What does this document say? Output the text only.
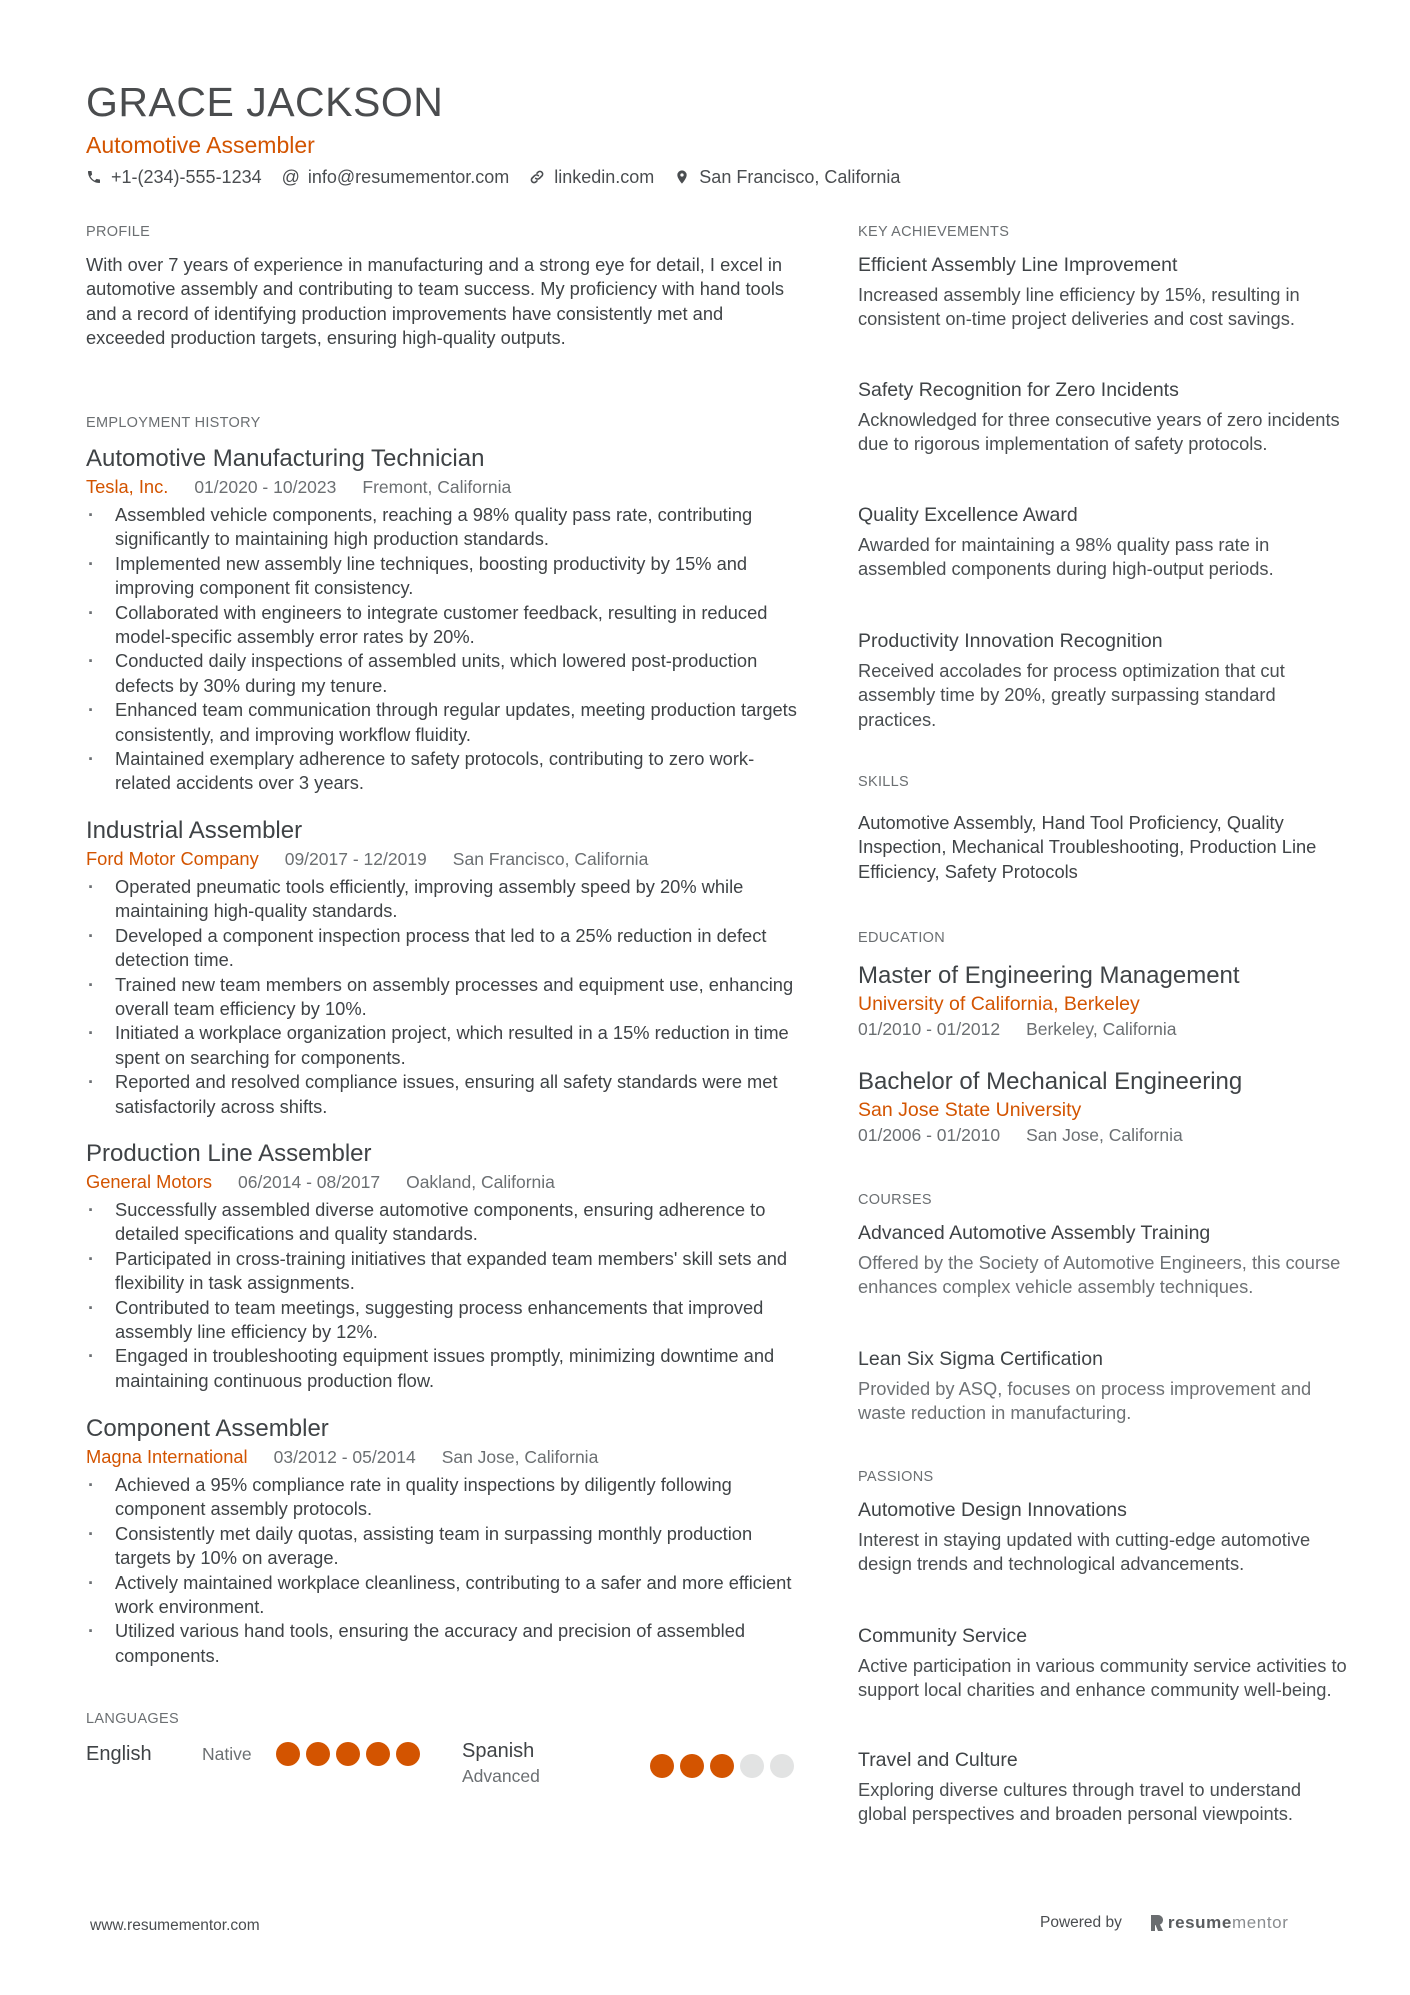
GRACE JACKSON
Automotive Assembler
+1-(234)-555-1234 @ info@resumementor.com	linkedin.com	San Francisco, California
PROFILE
With over 7 years of experience in manufacturing and a strong eye for detail, I excel in automotive assembly and contributing to team success. My proficiency with hand tools and a record of identifying production improvements have consistently met and exceeded production targets, ensuring high-quality outputs.
EMPLOYMENT HISTORY
Automotive Manufacturing Technician
Tesla, Inc. 01/2020 - 10/2023 Fremont, California
· Assembled vehicle components, reaching a 98% quality pass rate, contributing significantly to maintaining high production standards.
· Implemented new assembly line techniques, boosting productivity by 15% and improving component fit consistency.
· Collaborated with engineers to integrate customer feedback, resulting in reduced model-specific assembly error rates by 20%.
· Conducted daily inspections of assembled units, which lowered post-production defects by 30% during my tenure.
· Enhanced team communication through regular updates, meeting production targets consistently, and improving workflow fluidity.
· Maintained exemplary adherence to safety protocols, contributing to zero work-related accidents over 3 years.
Industrial Assembler
Ford Motor Company 09/2017 - 12/2019 San Francisco, California
· Operated pneumatic tools efficiently, improving assembly speed by 20% while maintaining high-quality standards.
· Developed a component inspection process that led to a 25% reduction in defect detection time.
· Trained new team members on assembly processes and equipment use, enhancing overall team efficiency by 10%.
· Initiated a workplace organization project, which resulted in a 15% reduction in time spent on searching for components.
· Reported and resolved compliance issues, ensuring all safety standards were met satisfactorily across shifts.
Production Line Assembler
General Motors 06/2014 - 08/2017 Oakland, California
· Successfully assembled diverse automotive components, ensuring adherence to detailed specifications and quality standards.
· Participated in cross-training initiatives that expanded team members' skill sets and flexibility in task assignments.
· Contributed to team meetings, suggesting process enhancements that improved assembly line efficiency by 12%.
· Engaged in troubleshooting equipment issues promptly, minimizing downtime and maintaining continuous production flow.
Component Assembler
Magna International 03/2012 - 05/2014 San Jose, California
· Achieved a 95% compliance rate in quality inspections by diligently following component assembly protocols.
· Consistently met daily quotas, assisting team in surpassing monthly production targets by 10% on average.
· Actively maintained workplace cleanliness, contributing to a safer and more efficient work environment.
· Utilized various hand tools, ensuring the accuracy and precision of assembled components.
LANGUAGES
English	Native	Spanish
Advanced
KEY ACHIEVEMENTS
Efficient Assembly Line Improvement
Increased assembly line efficiency by 15%, resulting in consistent on-time project deliveries and cost savings.
Safety Recognition for Zero Incidents
Acknowledged for three consecutive years of zero incidents due to rigorous implementation of safety protocols.
Quality Excellence Award
Awarded for maintaining a 98% quality pass rate in assembled components during high-output periods.
Productivity Innovation Recognition
Received accolades for process optimization that cut assembly time by 20%, greatly surpassing standard practices.
SKILLS
Automotive Assembly, Hand Tool Proficiency, Quality Inspection, Mechanical Troubleshooting, Production Line Efficiency, Safety Protocols
EDUCATION
Master of Engineering Management
University of California, Berkeley
01/2010 - 01/2012 Berkeley, California
Bachelor of Mechanical Engineering
San Jose State University
01/2006 - 01/2010 San Jose, California
COURSES
Advanced Automotive Assembly Training
Offered by the Society of Automotive Engineers, this course enhances complex vehicle assembly techniques.
Lean Six Sigma Certification
Provided by ASQ, focuses on process improvement and waste reduction in manufacturing.
PASSIONS
Automotive Design Innovations
Interest in staying updated with cutting-edge automotive design trends and technological advancements.
Community Service
Active participation in various community service activities to support local charities and enhance community well-being.
Travel and Culture
Exploring diverse cultures through travel to understand global perspectives and broaden personal viewpoints.
www.resumementor.com	Powered by	resume mentor
